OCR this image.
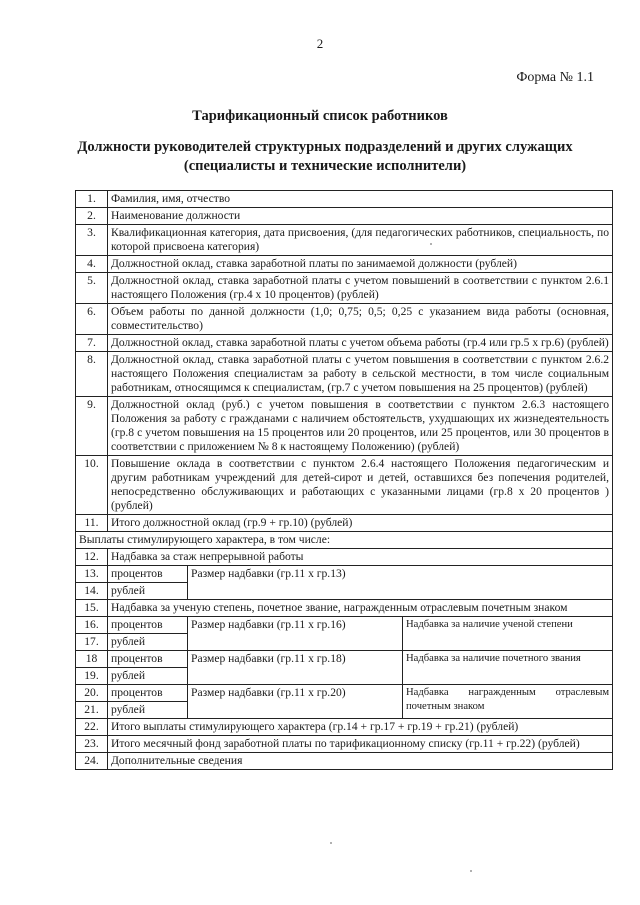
2
Форма № 1.1
Тарификационный список работников
Должности руководителей структурных подразделений и других служащих
(специалисты и технические исполнители)
1.	Фамилия, имя, отчество		
2.	Наименование должности		
3.	Квалификационная категория, дата присвоения, (для педагогических работников, специальность, по которой присвоена категория)		
4.	Должностной оклад, ставка заработной платы по занимаемой должности (рублей)		
5.	Должностной оклад, ставка заработной платы с учетом повышений в соответствии с пунктом 2.6.1 настоящего Положения (гр.4 х 10 процентов) (рублей)		
6.	Объем работы по данной должности (1,0; 0,75; 0,5; 0,25 с указанием вида работы (основная, совместительство)		
7.	Должностной оклад, ставка заработной платы с учетом объема работы (гр.4 или гр.5 х гр.6) (рублей)		
8.	Должностной оклад, ставка заработной платы с учетом повышения в соответствии с пунктом 2.6.2 настоящего Положения специалистам за работу в сельской местности, в том числе социальным работникам, относящимся к специалистам, (гр.7 с учетом повышения на 25 процентов) (рублей)		
9.	Должностной оклад (руб.) с учетом повышения в соответствии с пунктом 2.6.3 настоящего Положения за работу с гражданами с наличием обстоятельств, ухудшающих их жизнедеятельность (гр.8 с учетом повышения на 15 процентов или 20 процентов, или 25 процентов, или 30 процентов в соответствии с приложением № 8 к настоящему Положению) (рублей)		
10.	Повышение оклада в соответствии с пунктом 2.6.4 настоящего Положения педагогическим и другим работникам учреждений для детей-сирот и детей, оставшихся без попечения родителей, непосредственно обслуживающих и работающих с указанными лицами (гр.8 х 20 процентов ) (рублей)		
11.	Итого должностной оклад (гр.9 + гр.10) (рублей)		
Выплаты стимулирующего характера, в том числе:			
12.	Надбавка за стаж непрерывной работы		
13.	процентов	Размер надбавки (гр.11 х гр.13)	
14.	рублей		
15.	Надбавка за ученую степень, почетное звание, награжденным отраслевым почетным знаком		
16.	процентов	Размер надбавки (гр.11 х гр.16)	Надбавка за наличие ученой степени
17.	рублей		
18	процентов	Размер надбавки (гр.11 х гр.18)	Надбавка за наличие почетного звания
19.	рублей		
20.	процентов	Размер надбавки (гр.11 х гр.20)	Надбавка награжденным отраслевым почетным знаком
21.	рублей		
22.	Итого выплаты стимулирующего характера (гр.14 + гр.17 + гр.19 + гр.21) (рублей)		
23.	Итого месячный фонд заработной платы по тарификационному списку (гр.11 + гр.22) (рублей)		
24.	Дополнительные сведения		
